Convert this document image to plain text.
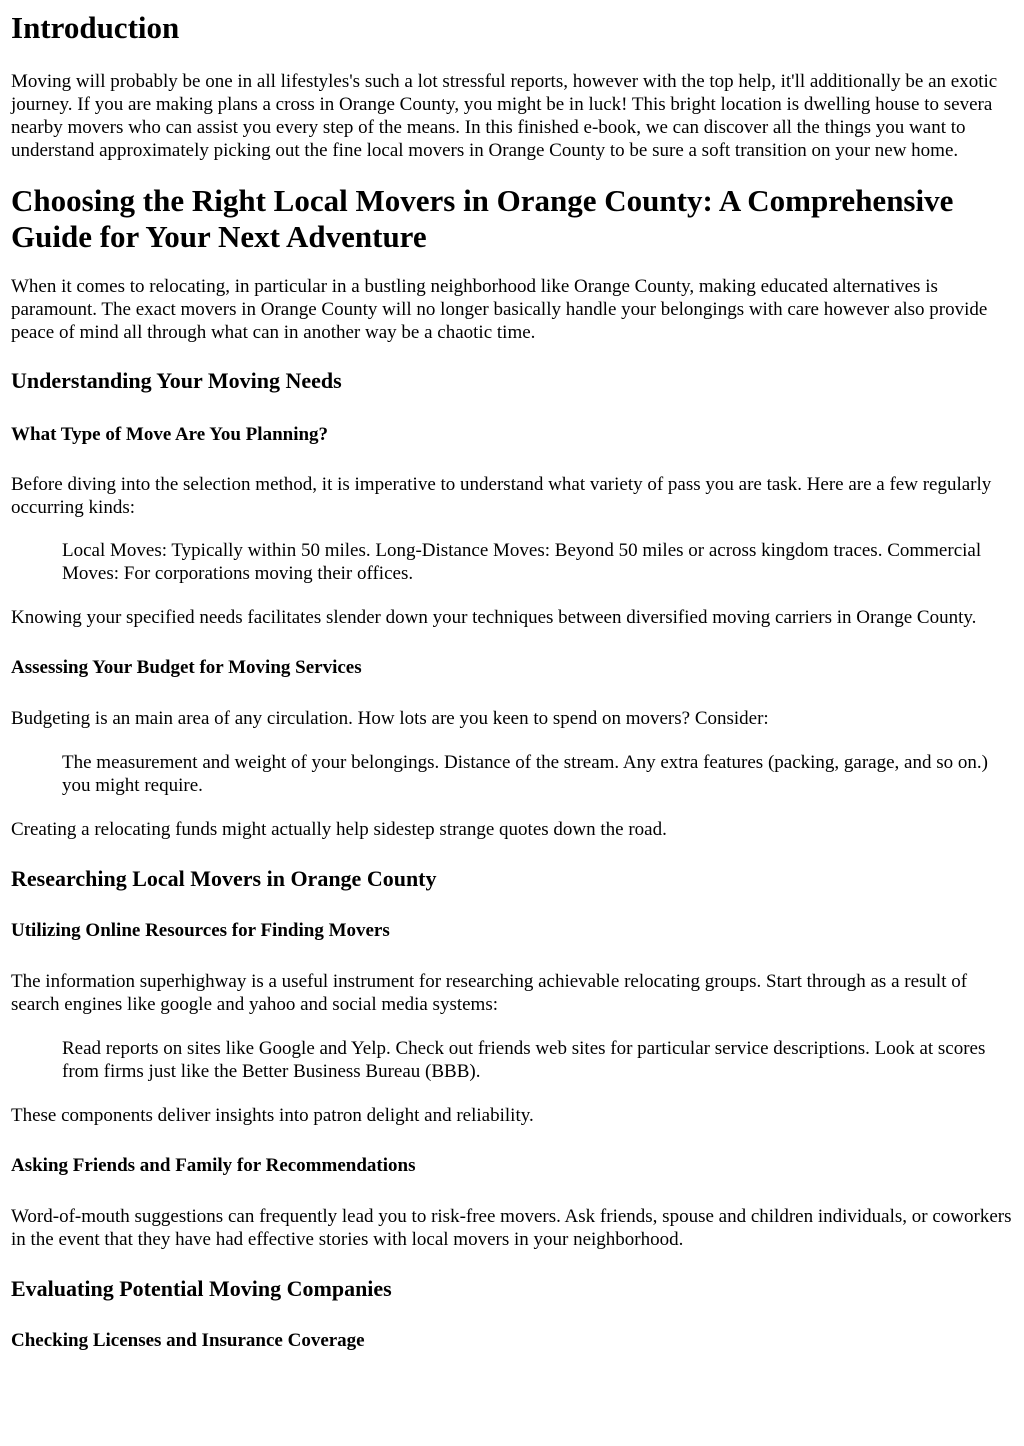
Introduction

Moving will probably be one in all lifestyles's such a lot stressful reports, however with the top help, it'll additionally be an exotic journey. If you are making plans a cross in Orange County, you might be in luck! This bright location is dwelling house to severa nearby movers who can assist you every step of the means. In this finished e-book, we can discover all the things you want to understand approximately picking out the fine local movers in Orange County to be sure a soft transition on your new home.

Choosing the Right Local Movers in Orange County: A Comprehensive Guide for Your Next Adventure

When it comes to relocating, in particular in a bustling neighborhood like Orange County, making educated alternatives is paramount. The exact movers in Orange County will no longer basically handle your belongings with care however also provide peace of mind all through what can in another way be a chaotic time.

Understanding Your Moving Needs
What Type of Move Are You Planning?

Before diving into the selection method, it is imperative to understand what variety of pass you are task. Here are a few regularly occurring kinds:

Local Moves: Typically within 50 miles. Long-Distance Moves: Beyond 50 miles or across kingdom traces. Commercial Moves: For corporations moving their offices.

Knowing your specified needs facilitates slender down your techniques between diversified moving carriers in Orange County.

Assessing Your Budget for Moving Services

Budgeting is an main area of any circulation. How lots are you keen to spend on movers? Consider:

The measurement and weight of your belongings. Distance of the stream. Any extra features (packing, garage, and so on.) you might require.

Creating a relocating funds might actually help sidestep strange quotes down the road.

Researching Local Movers in Orange County
Utilizing Online Resources for Finding Movers

The information superhighway is a useful instrument for researching achievable relocating groups. Start through as a result of search engines like google and yahoo and social media systems:

Read reports on sites like Google and Yelp. Check out friends web sites for particular service descriptions. Look at scores from firms just like the Better Business Bureau (BBB).

These components deliver insights into patron delight and reliability.

Asking Friends and Family for Recommendations

Word-of-mouth suggestions can frequently lead you to risk-free movers. Ask friends, spouse and children individuals, or coworkers in the event that they have had effective stories with local movers in your neighborhood.

Evaluating Potential Moving Companies
Checking Licenses and Insurance Coverage
